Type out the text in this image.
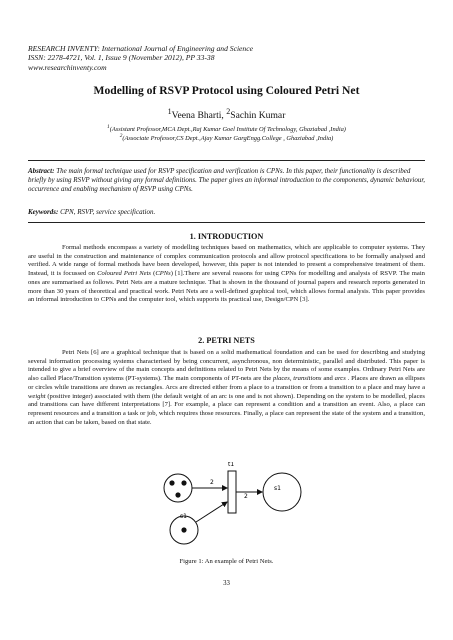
RESEARCH INVENTY: International Journal of Engineering and Science
ISSN: 2278-4721, Vol. 1, Issue 9 (November 2012), PP 33-38
www.researchinventy.com
Modelling of RSVP Protocol using Coloured Petri Net
$^1$Veena Bharti, $^2$Sachin Kumar
$^1$(Assistant Professor,MCA Dept.,Raj Kumar Goel Institute Of Technology, Ghaziabad ,India)
$^2$(Associate Professor,CS Dept.,Ajay Kumar GargEngg.College , Ghaziabad ,India)
Abstract: The main formal technique used for RSVP specification and verification is CPNs. In this paper, their functionality is described briefly by using RSVP without giving any formal definitions. The paper gives an informal introduction to the components, dynamic behaviour, occurrence and enabling mechanism of RSVP using CPNs.
Keywords: CPN, RSVP, service specification.
1. INTRODUCTION
Formal methods encompass a variety of modelling techniques based on mathematics, which are applicable to computer systems. They are useful in the construction and maintenance of complex communication protocols and allow protocol specifications to be formally analysed and verified. A wide range of formal methods have been developed, however, this paper is not intended to present a comprehensive treatment of them. Instead, it is focussed on Coloured Petri Nets (CPNs) [1].There are several reasons for using CPNs for modelling and analysis of RSVP. The main ones are summarised as follows. Petri Nets are a mature technique. That is shown in the thousand of journal papers and research reports generated in more than 30 years of theoretical and practical work. Petri Nets are a well-defined graphical tool, which allows formal analysis. This paper provides an informal introduction to CPNs and the computer tool, which supports its practical use, Design/CPN [3].
2. PETRI NETS
Petri Nets [6] are a graphical technique that is based on a solid mathematical foundation and can be used for describing and studying several information processing systems characterised by being concurrent, asynchronous, non deterministic, parallel and distributed. This paper is intended to give a brief overview of the main concepts and definitions related to Petri Nets by the means of some examples. Ordinary Petri Nets are also called Place/Transition systems (PT-systems). The main components of PT-nets are the places, transitions and arcs . Places are drawn as ellipses or circles while transitions are drawn as rectangles. Arcs are directed either from a place to a transition or from a transition to a place and may have a weight (positive integer) associated with them (the default weight of an arc is one and is not shown). Depending on the system to be modelled, places and transitions can have different interpretations [7]. For example, a place can represent a condition and a transition an event. Also, a place can represent resources and a transition a task or job, which requires those resources. Finally, a place can represent the state of the system and a transition, an action that can be taken, based on that state.
t1
2
2
s1
s1
Figure 1: An example of Petri Nets.
33
